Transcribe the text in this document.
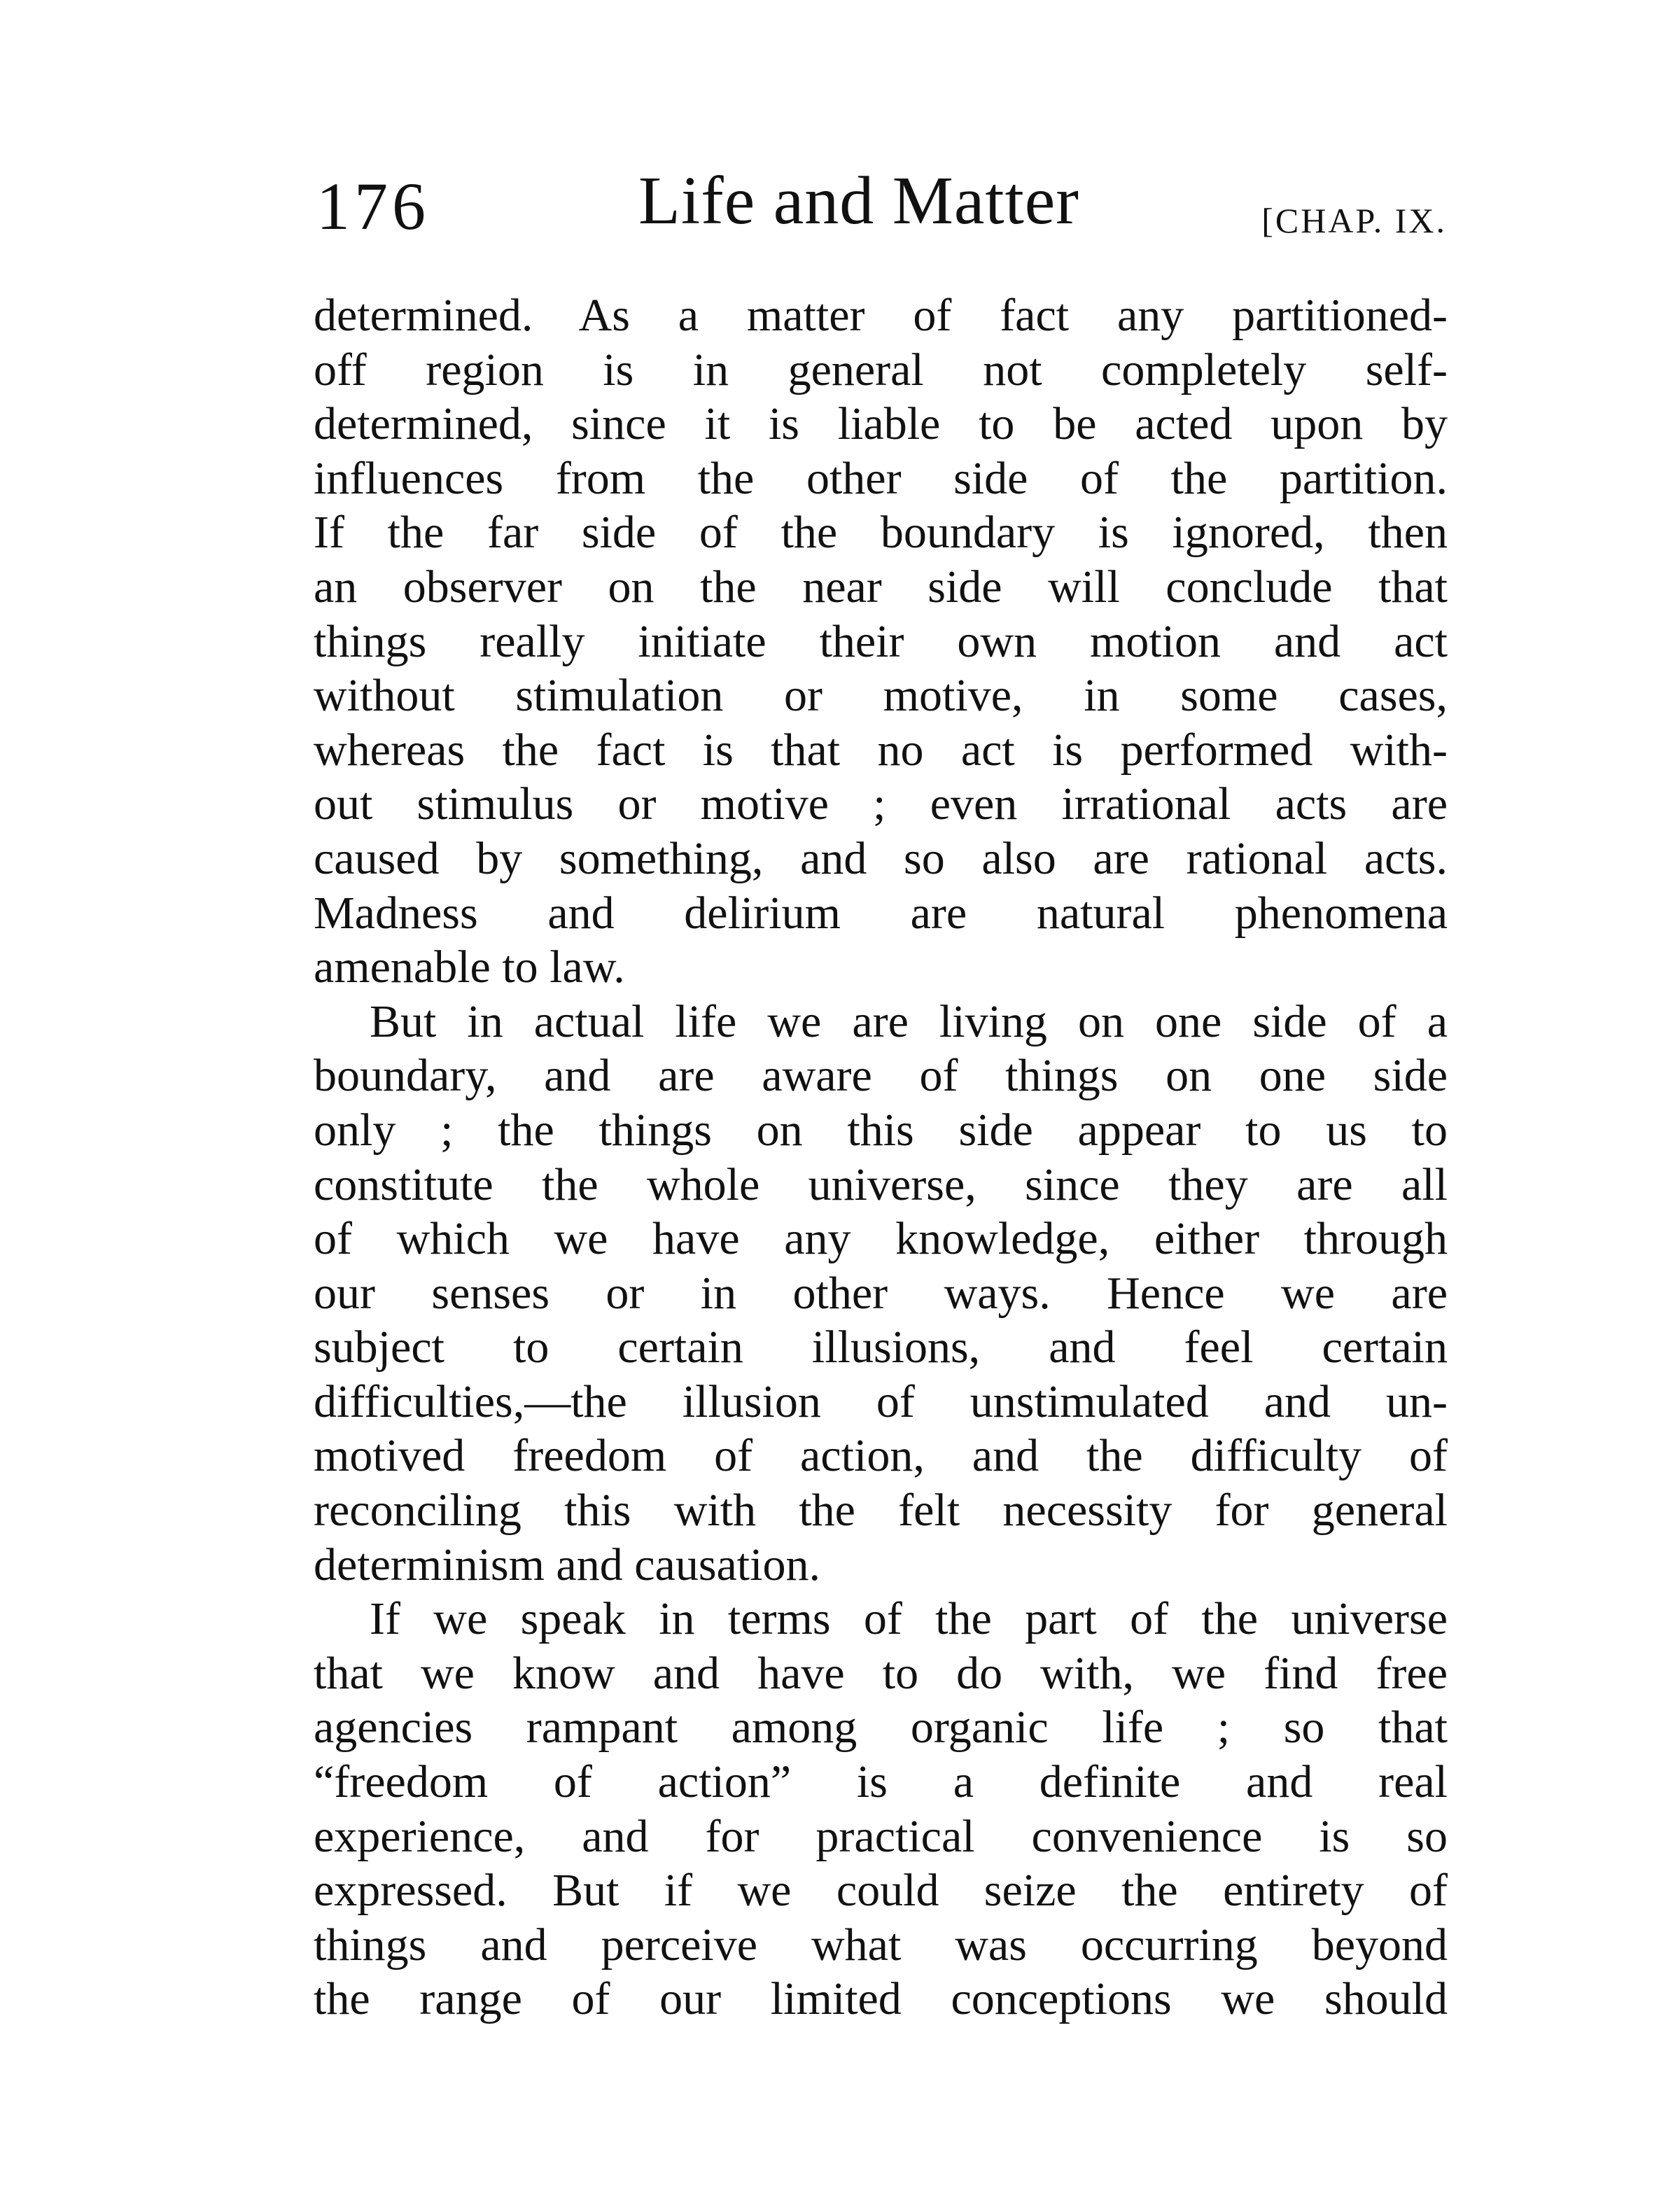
176	Life and Matter	[CHAP. IX.
determined. As a matter of fact any partitioned-
off region is in general not completely self-
determined, since it is liable to be acted upon by
influences from the other side of the partition.
If the far side of the boundary is ignored, then
an observer on the near side will conclude that
things really initiate their own motion and act
without stimulation or motive, in some cases,
whereas the fact is that no act is performed with-
out stimulus or motive ; even irrational acts are
caused by something, and so also are rational acts.
Madness and delirium are natural phenomena
amenable to law.
But in actual life we are living on one side of a
boundary, and are aware of things on one side
only ; the things on this side appear to us to
constitute the whole universe, since they are all
of which we have any knowledge, either through
our senses or in other ways. Hence we are
subject to certain illusions, and feel certain
difficulties,—the illusion of unstimulated and un-
motived freedom of action, and the difficulty of
reconciling this with the felt necessity for general
determinism and causation.
If we speak in terms of the part of the universe
that we know and have to do with, we find free
agencies rampant among organic life ; so that
“freedom of action” is a definite and real
experience, and for practical convenience is so
expressed. But if we could seize the entirety of
things and perceive what was occurring beyond
the range of our limited conceptions we should
